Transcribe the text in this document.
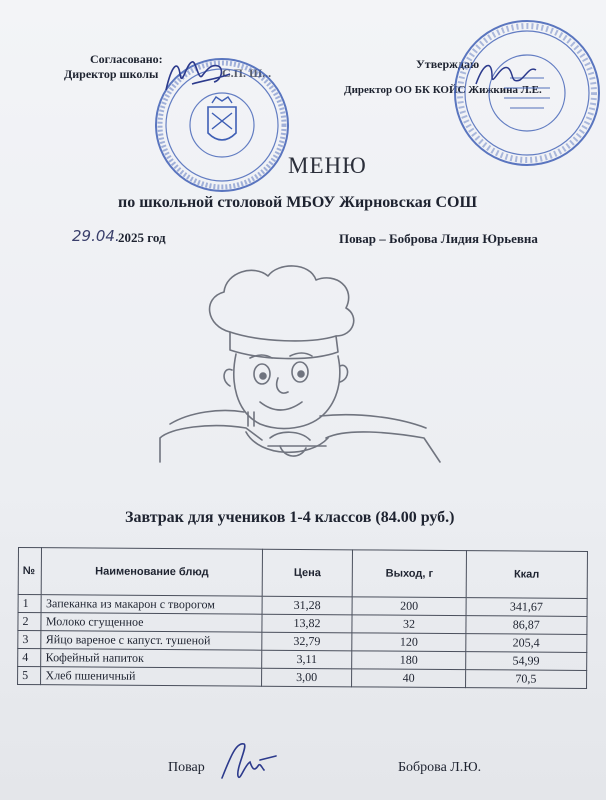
Согласовано:
Директор школы	С.П. Ш...
Утверждаю
Директор ОО БК КОЙС Жижкина Л.Е.
МЕНЮ
по школьной столовой МБОУ Жирновская СОШ
29.04.
2025 год	Повар – Боброва Лидия Юрьевна
Завтрак для учеников 1-4 классов (84.00 руб.)
№	Наименование блюд	Цена	Выход, г	Ккал
1	Запеканка из макарон с творогом	31,28	200	341,67
2	Молоко сгущенное	13,82	32	86,87
3	Яйцо вареное с капуст. тушеной	32,79	120	205,4
4	Кофейный напиток	3,11	180	54,99
5	Хлеб пшеничный	3,00	40	70,5
Повар	Боброва Л.Ю.
